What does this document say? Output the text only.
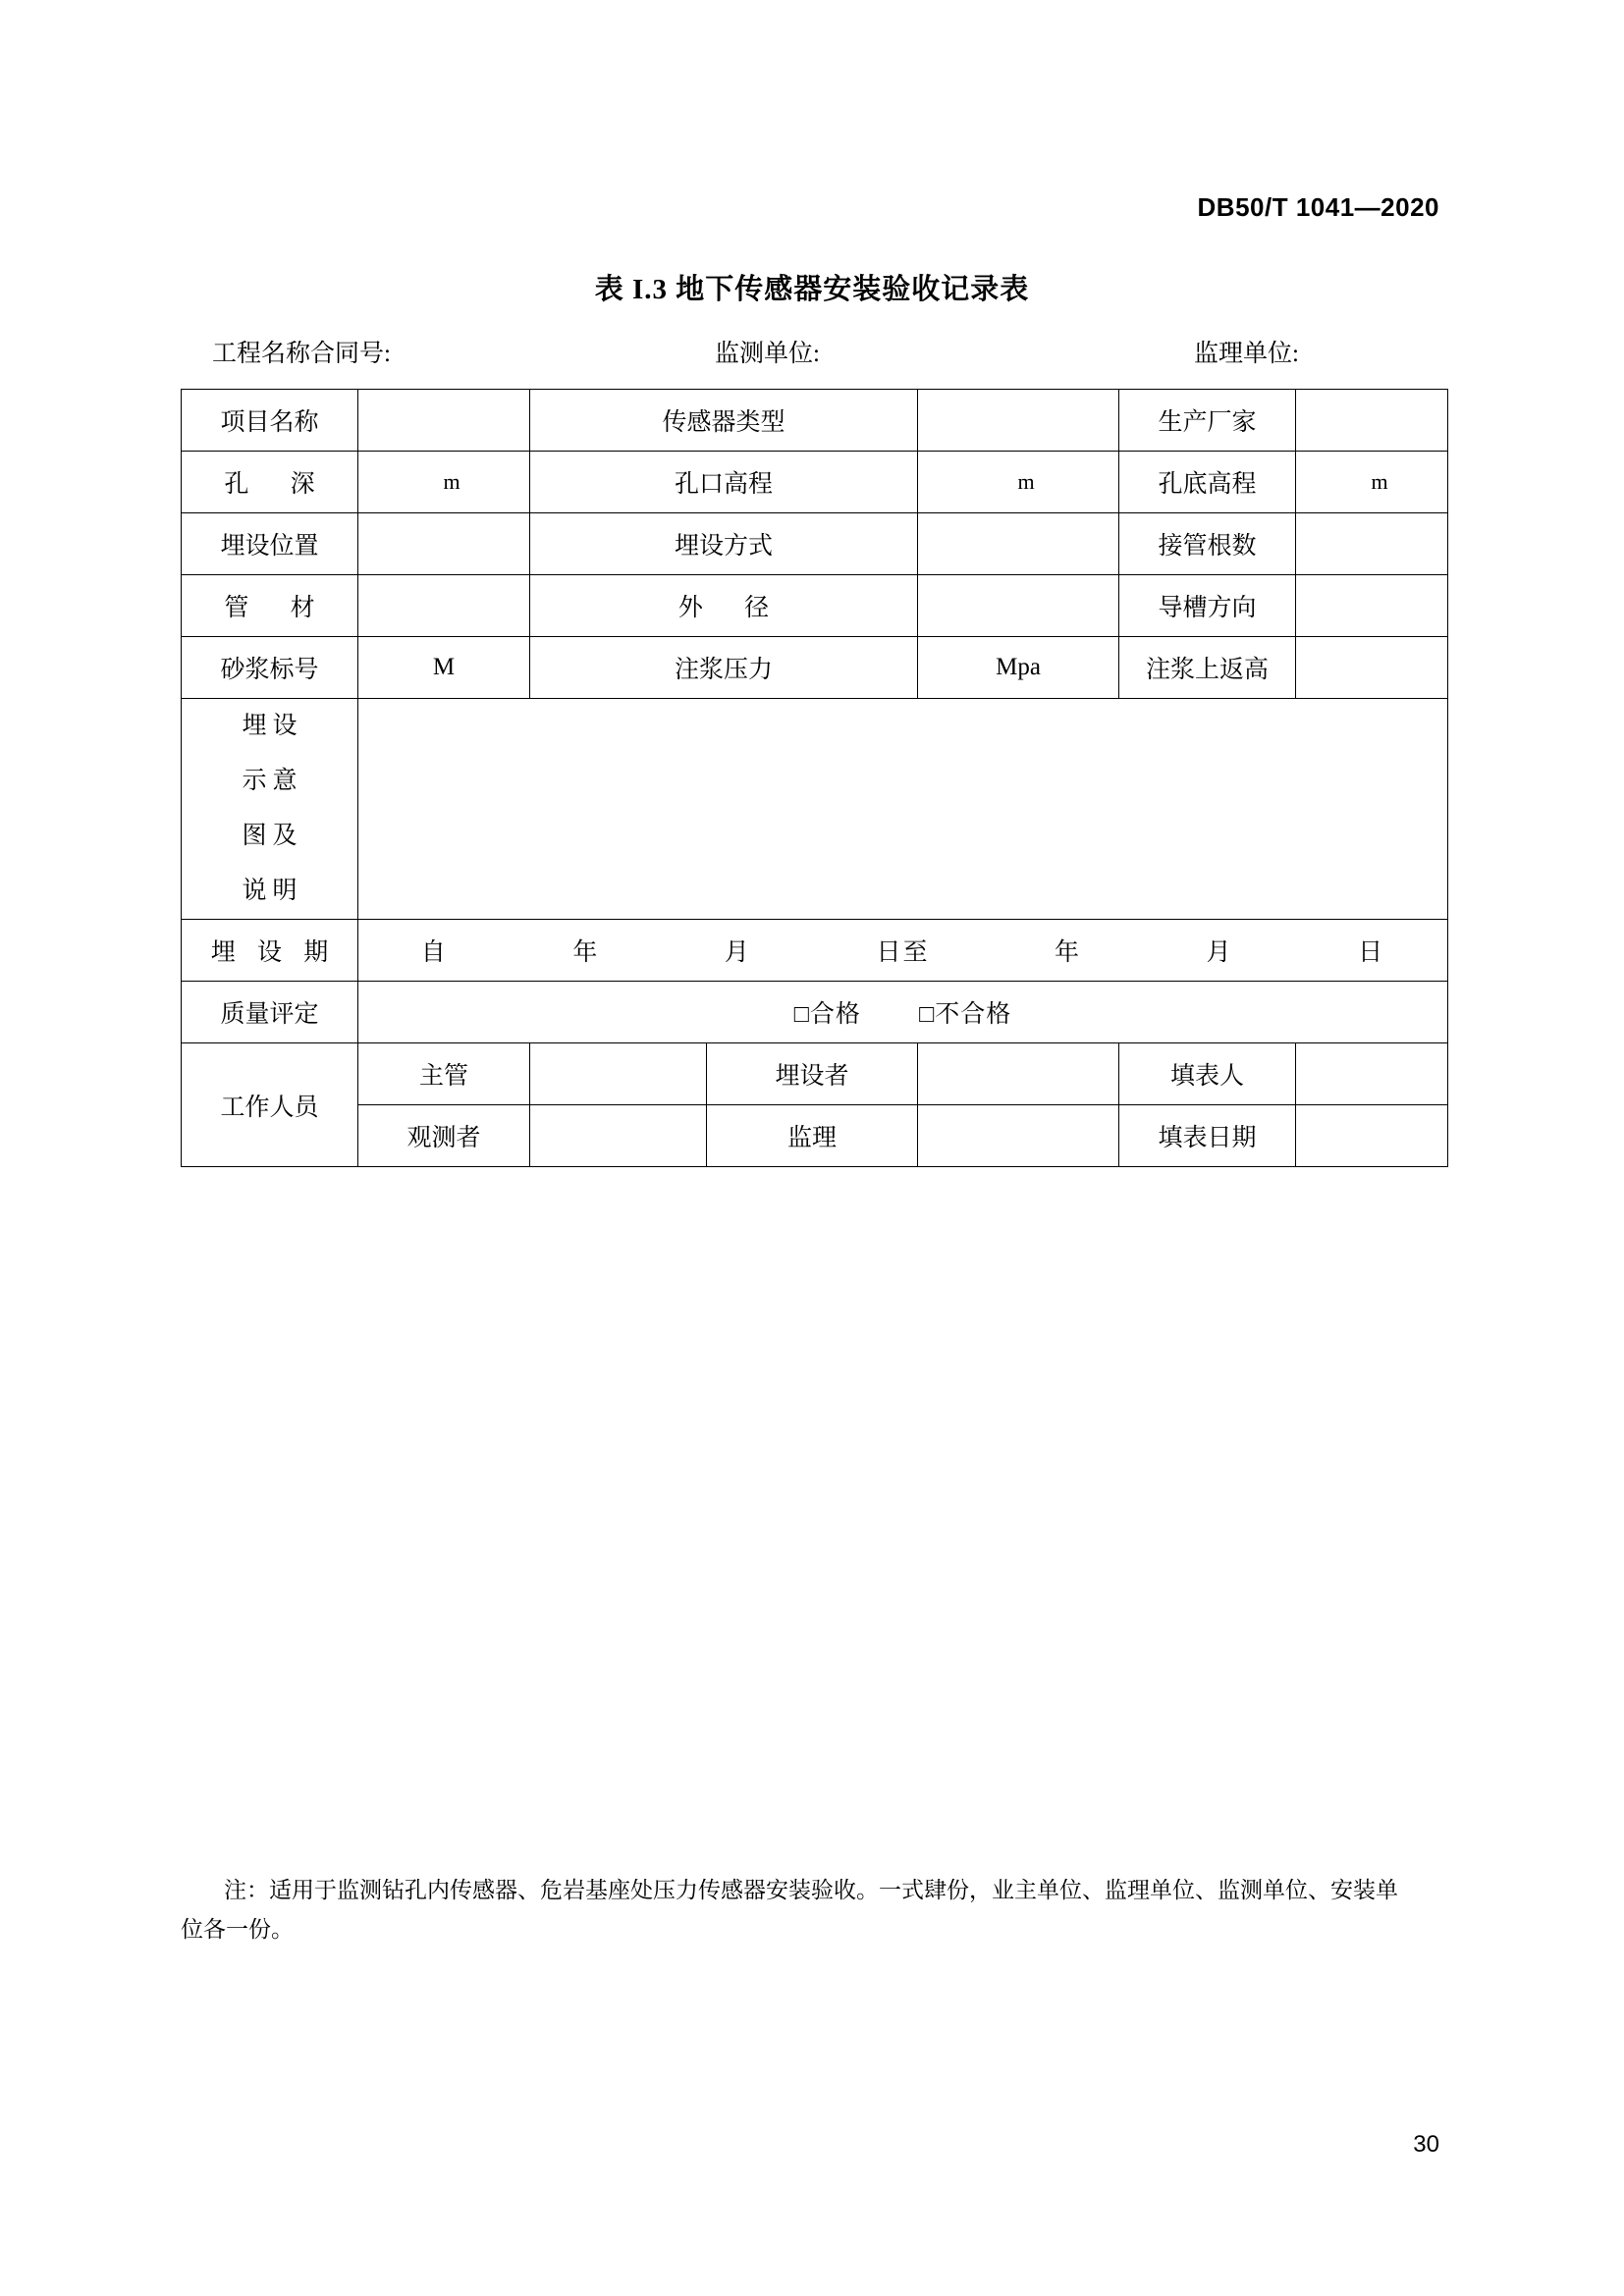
DB50/T 1041—2020
表 I.3 地下传感器安装验收记录表
工程名称合同号:	监测单位:	监理单位:
项目名称		传感器类型			生产厂家	
孔 深	m	孔口高程		m	孔底高程	m
埋设位置		埋设方式			接管根数	
管 材		外 径			导槽方向	
砂浆标号	M	注浆压力		Mpa	注浆上返高	

埋设
示意
图及
说明						

埋 设 期	自	年	月	日至	年	月	日

质量评定	□合格 □不合格					

工作人员	主管		埋设者		填表人	
	观测者		监理		填表日期	

注：适用于监测钻孔内传感器、危岩基座处压力传感器安装验收。一式肆份，业主单位、监理单位、监测单位、安装单

位各一份。

30
